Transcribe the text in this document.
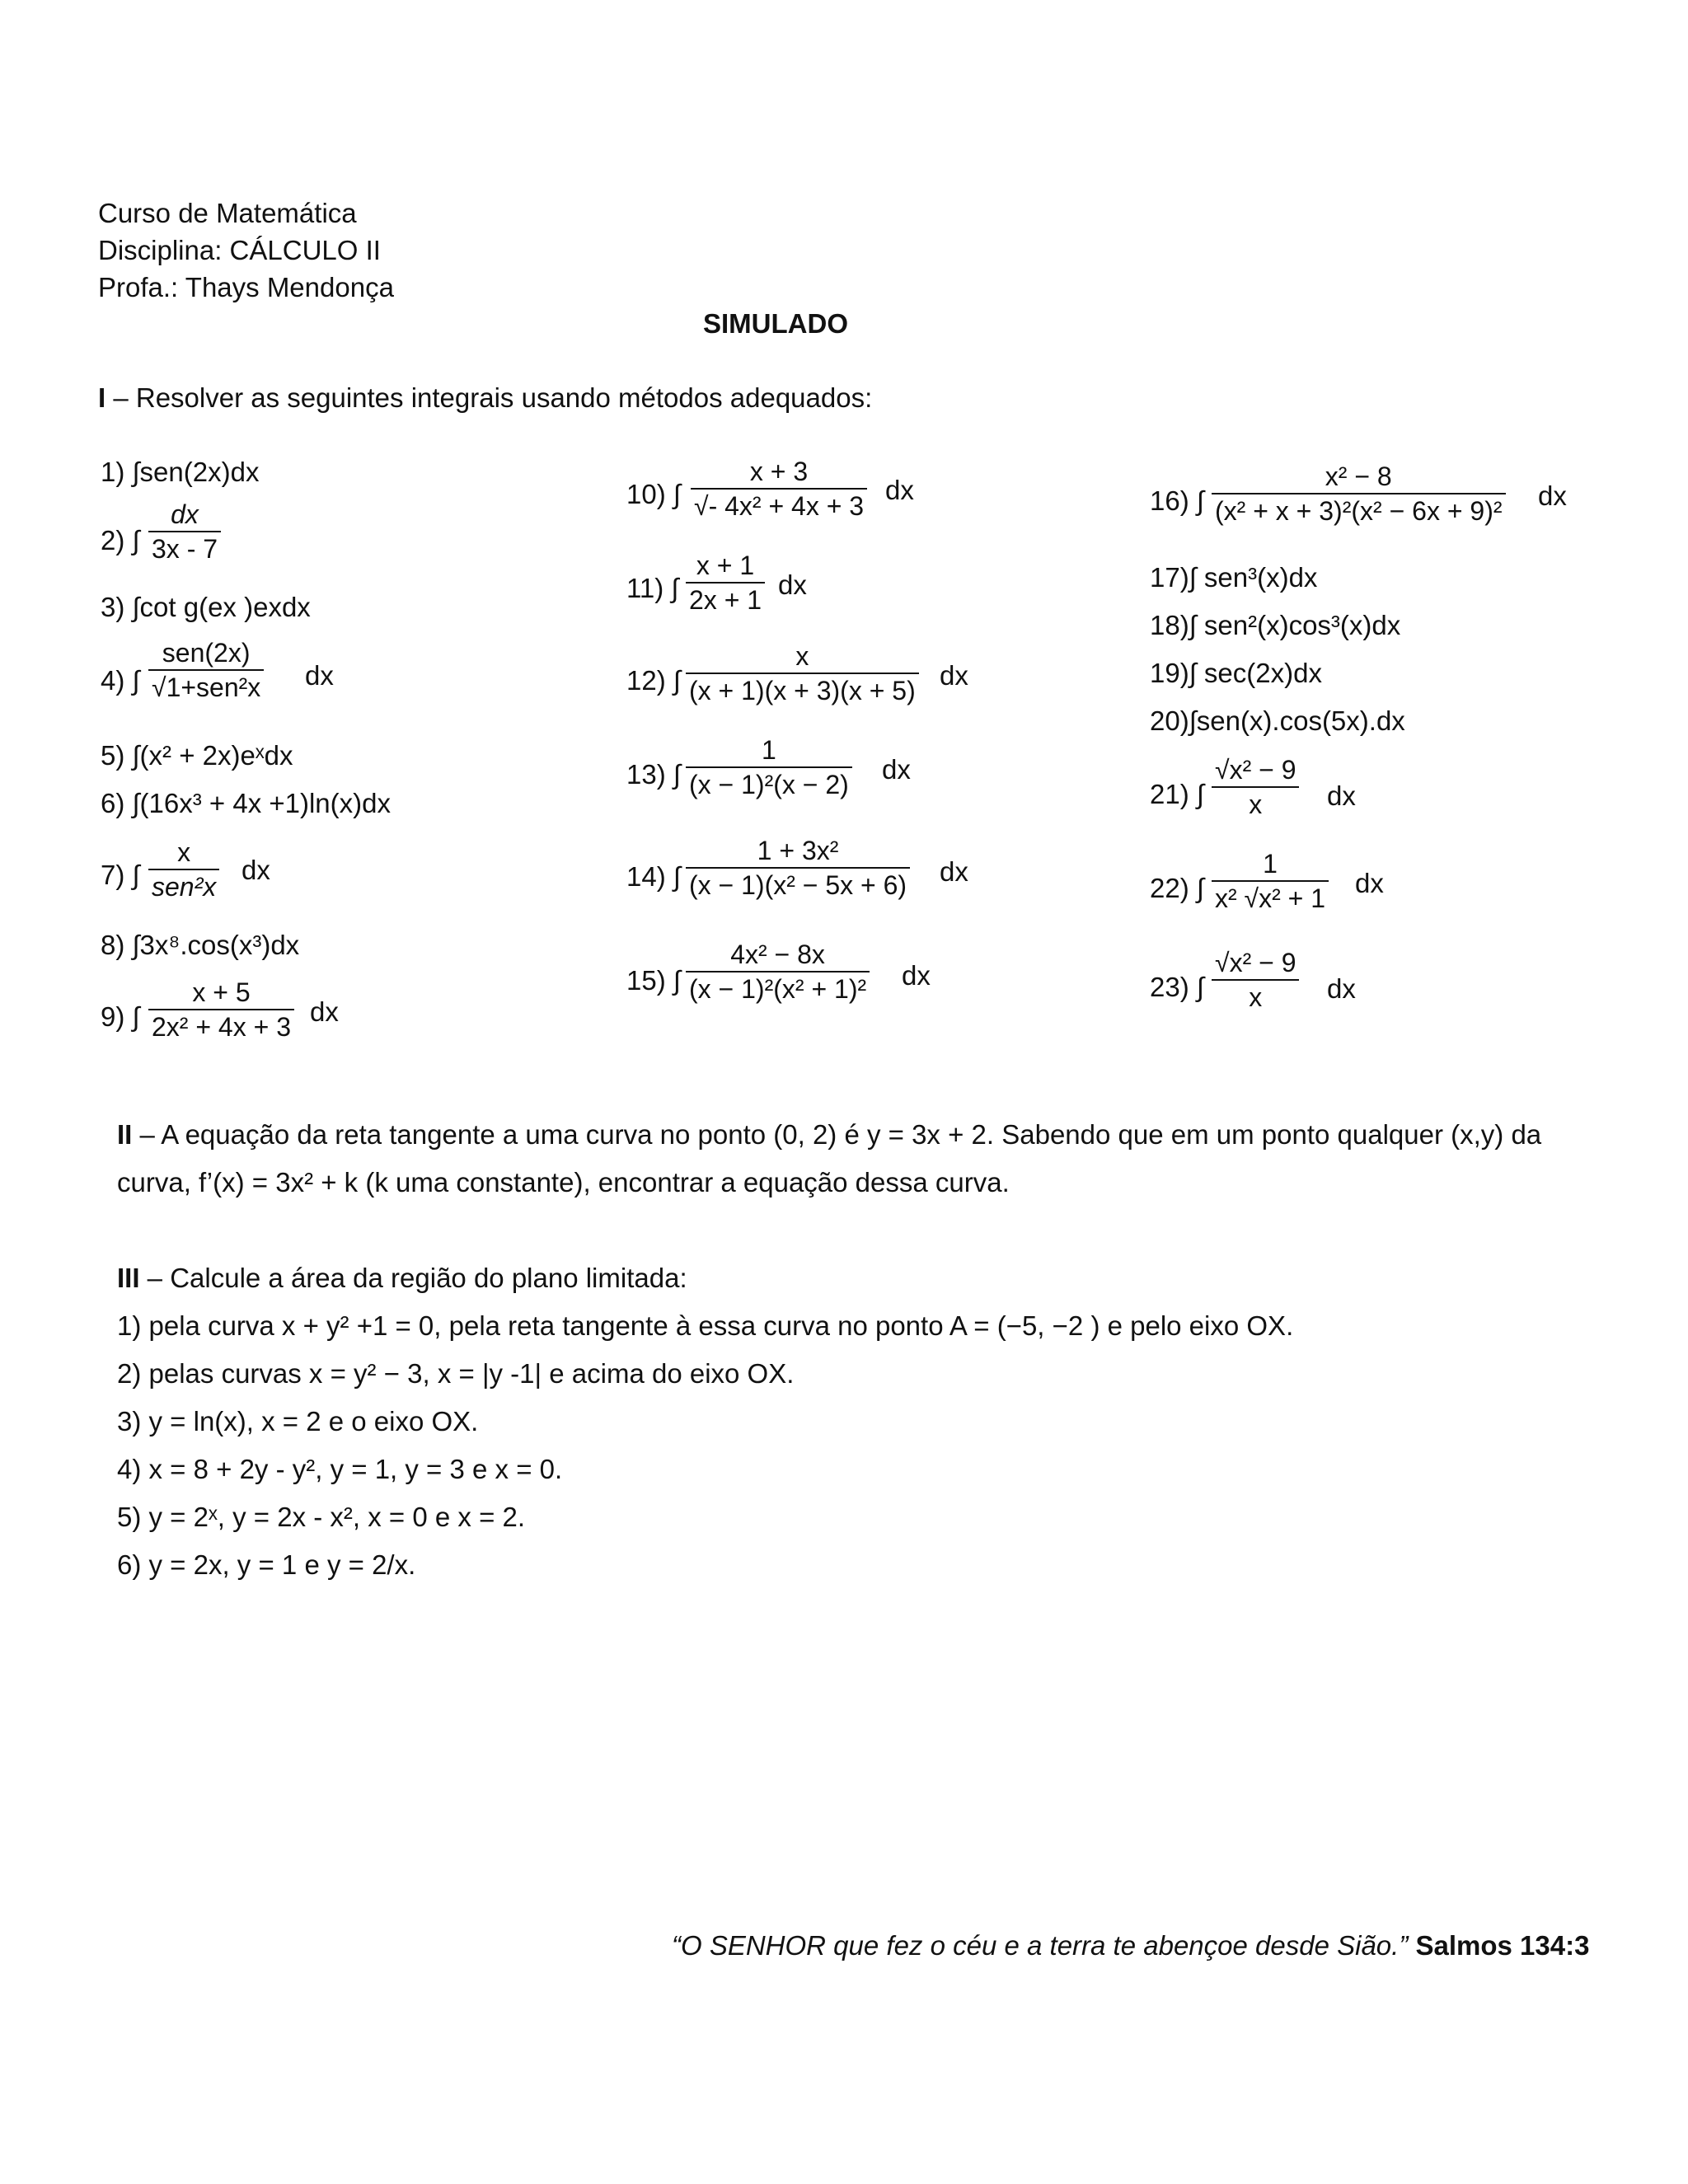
Curso de Matemática
Disciplina: CÁLCULO II
Profa.: Thays Mendonça
SIMULADO
I – Resolver as seguintes integrais usando métodos adequados:
1) ∫sen(2x)dx
2) ∫
dx
3x - 7
3) ∫cot g(ex )exdx
4) ∫
sen(2x)
√1+sen²x dx
5) ∫(x² + 2x)eˣdx
6) ∫(16x³ + 4x +1)ln(x)dx
7) ∫
x
sen²x
dx
8) ∫3x⁸.cos(x³)dx
9) ∫
x + 5
2x² + 4x + 3 dx
10) ∫
x + 3
√- 4x² + 4x + 3
dx
11) ∫
x + 1
2x + 1 dx
12) ∫
x
(x + 1)(x + 3)(x + 5) dx
13) ∫
1
(x − 1)²(x − 2) dx
14) ∫
1 + 3x²
(x − 1)(x² − 5x + 6) dx
15) ∫
4x² − 8x
(x − 1)²(x² + 1)² dx
16) ∫
x² − 8
(x² + x + 3)²(x² − 6x + 9)² dx
17)∫ sen³(x)dx
18)∫ sen²(x)cos³(x)dx
19)∫ sec(2x)dx
20)∫sen(x).cos(5x).dx
21) ∫
√x² − 9
x dx
22) ∫
1
x² √x² + 1 dx
23) ∫
√x² − 9
x dx
II – A equação da reta tangente a uma curva no ponto (0, 2) é y = 3x + 2. Sabendo que em um ponto qualquer (x,y) da
curva, f’(x) = 3x² + k (k uma constante), encontrar a equação dessa curva.
III – Calcule a área da região do plano limitada:
1) pela curva x + y² +1 = 0, pela reta tangente à essa curva no ponto A = (−5, −2 ) e pelo eixo OX.
2) pelas curvas x = y² − 3, x = |y -1| e acima do eixo OX.
3) y = ln(x), x = 2 e o eixo OX.
4) x = 8 + 2y - y², y = 1, y = 3 e x = 0.
5) y = 2ˣ, y = 2x - x², x = 0 e x = 2.
6) y = 2x, y = 1 e y = 2/x.
“O SENHOR que fez o céu e a terra te abençoe desde Sião.” Salmos 134:3
